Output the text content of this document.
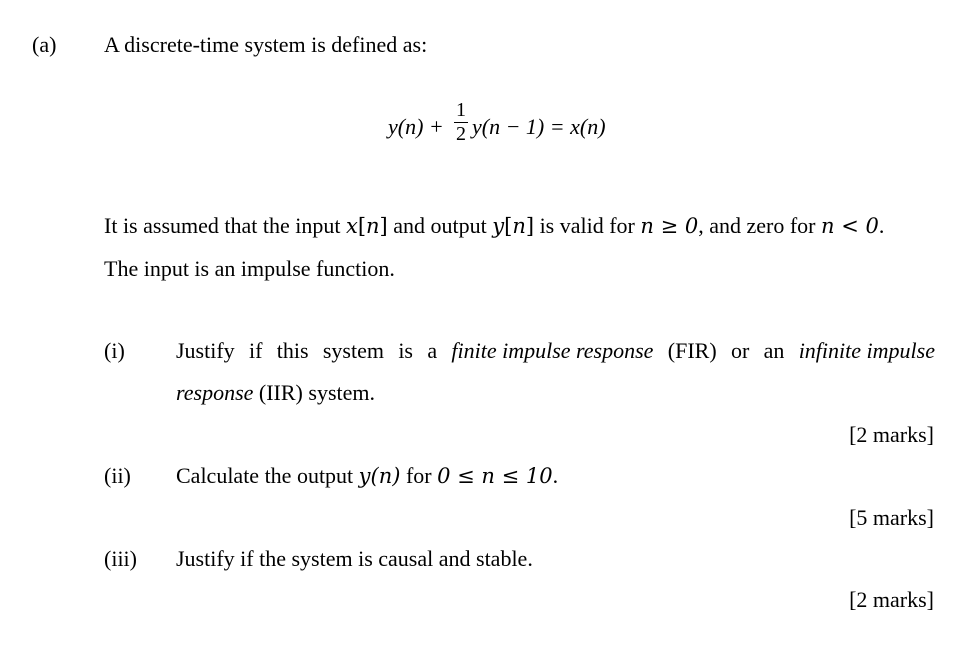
(a) A discrete-time system is defined as:
y(n) +
1
2 y(n − 1) = x(n)
It is assumed that the input x[n] and output y[n] is valid for n ≥ 0, and zero for n < 0.
The input is an impulse function.
(i) Justify if this system is a finite impulse response (FIR) or an infinite impulse
response (IIR) system.
[2 marks]
(ii) Calculate the output y(n) for 0 ≤ n ≤ 10.
[5 marks]
(iii) Justify if the system is causal and stable.
[2 marks]
